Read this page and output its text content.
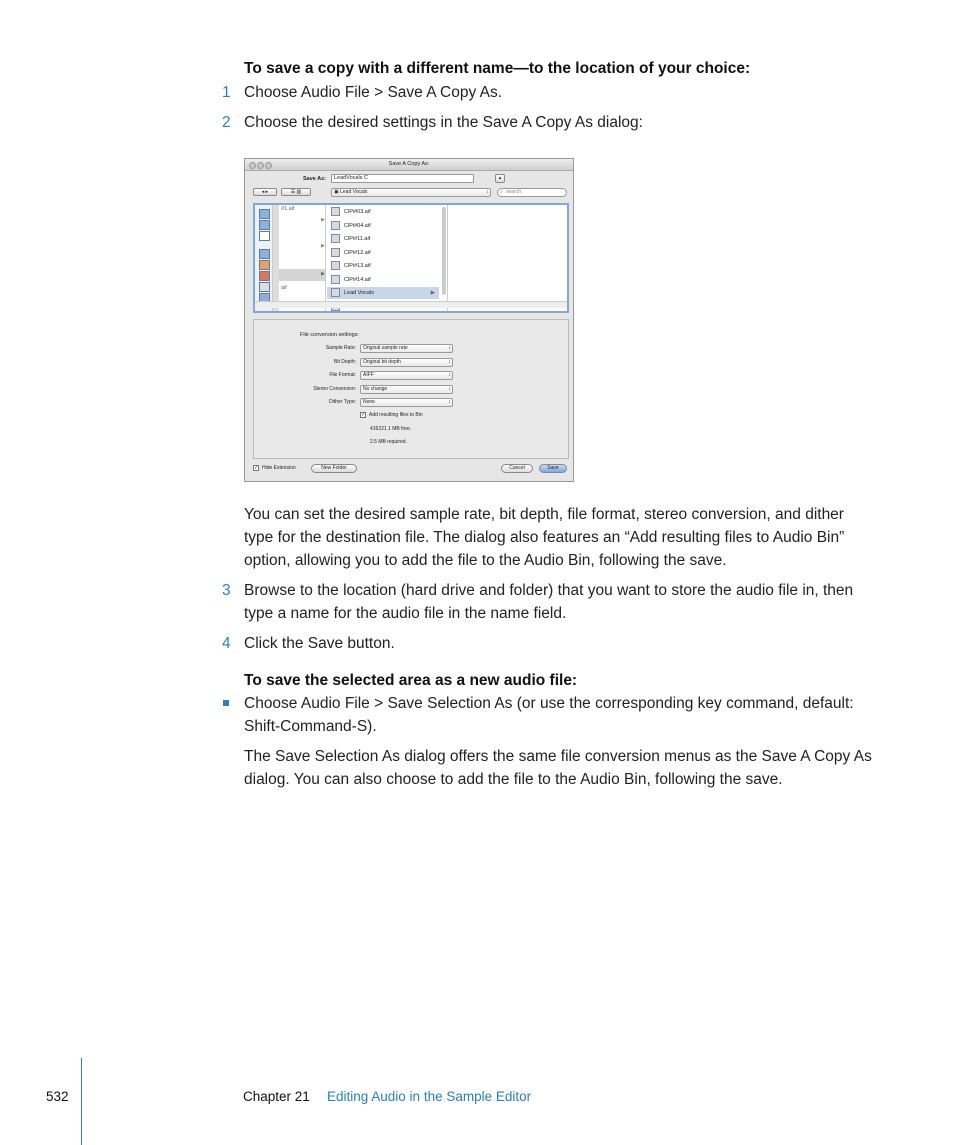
To save a copy with a different name—to the location of your choice:
1 Choose Audio File > Save A Copy As.
2 Choose the desired settings in the Save A Copy As dialog:
Save A Copy As:
Save As:	LeadVocals C	▴
◂ ▸	☰ ▥	▣ Lead Vocals ↕	⌕ search
#1.aif
▶
▶
▶
aif
ClPi#03.aif
ClPi#04.aif
ClPi#11.aif
ClPi#12.aif
ClPi#13.aif
ClPi#14.aif
Lead Vocals	▶
File conversion settings:
Sample Rate:	Original sample rate ↕
Bit Depth:	Original bit depth ↕
File Format:	AIFF ↕
Stereo Conversion:	No change ↕
Dither Type:	None ↕
✓ Add resulting files to Bin
416221.1 MB free.
2.5 MB required.
✓ Hide Extension	New Folder	Cancel	Save
You can set the desired sample rate, bit depth, file format, stereo conversion, and dither type for the destination file. The dialog also features an “Add resulting files to Audio Bin” option, allowing you to add the file to the Audio Bin, following the save.
3 Browse to the location (hard drive and folder) that you want to store the audio file in, then type a name for the audio file in the name field.
4 Click the Save button.
To save the selected area as a new audio file:
Choose Audio File > Save Selection As (or use the corresponding key command, default: Shift-Command-S).
The Save Selection As dialog offers the same file conversion menus as the Save A Copy As dialog. You can also choose to add the file to the Audio Bin, following the save.
532	Chapter 21 Editing Audio in the Sample Editor
